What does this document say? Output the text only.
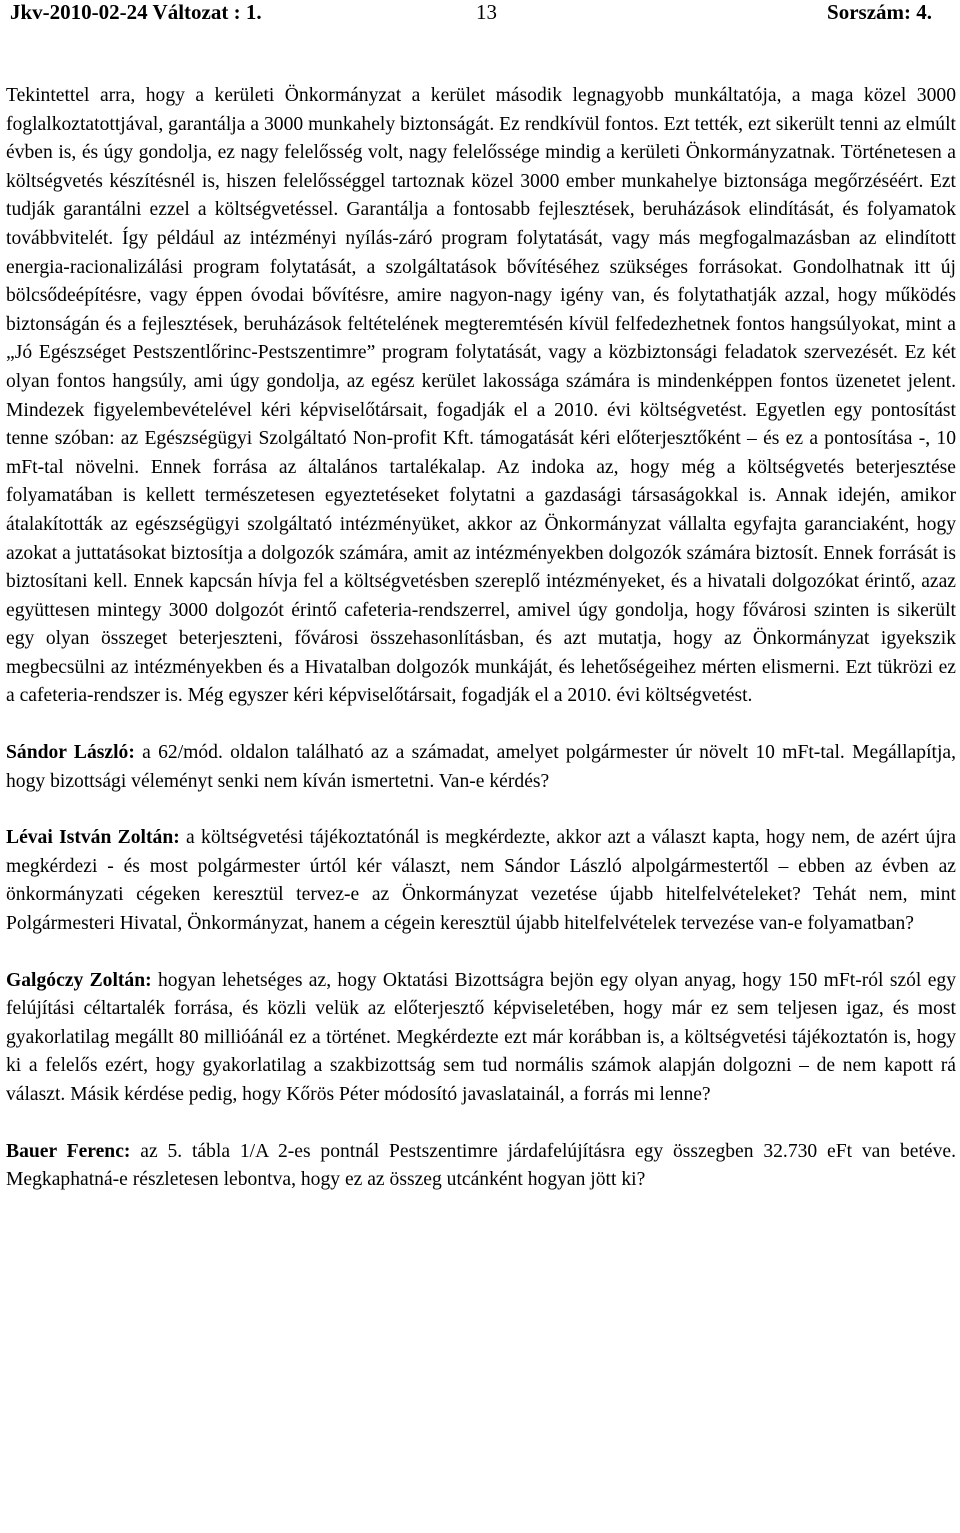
Jkv-2010-02-24 Változat : 1.	13	Sorszám: 4.

Tekintettel arra, hogy a kerületi Önkormányzat a kerület második legnagyobb munkáltatója, a maga közel 3000 foglalkoztatottjával, garantálja a 3000 munkahely biztonságát. Ez rendkívül fontos. Ezt tették, ezt sikerült tenni az elmúlt évben is, és úgy gondolja, ez nagy felelősség volt, nagy felelőssége mindig a kerületi Önkormányzatnak. Történetesen a költségvetés készítésnél is, hiszen felelősséggel tartoznak közel 3000 ember munkahelye biztonsága megőrzéséért. Ezt tudják garantálni ezzel a költségvetéssel. Garantálja a fontosabb fejlesztések, beruházások elindítását, és folyamatok továbbvitelét. Így például az intézményi nyílás-záró program folytatását, vagy más megfogalmazásban az elindított energia-racionalizálási program folytatását, a szolgáltatások bővítéséhez szükséges forrásokat. Gondolhatnak itt új bölcsődeépítésre, vagy éppen óvodai bővítésre, amire nagyon-nagy igény van, és folytathatják azzal, hogy működés biztonságán és a fejlesztések, beruházások feltételének megteremtésén kívül felfedezhetnek fontos hangsúlyokat, mint a „Jó Egészséget Pestszentlőrinc-Pestszentimre” program folytatását, vagy a közbiztonsági feladatok szervezését. Ez két olyan fontos hangsúly, ami úgy gondolja, az egész kerület lakossága számára is mindenképpen fontos üzenetet jelent. Mindezek figyelembevételével kéri képviselőtársait, fogadják el a 2010. évi költségvetést. Egyetlen egy pontosítást tenne szóban: az Egészségügyi Szolgáltató Non-profit Kft. támogatását kéri előterjesztőként – és ez a pontosítása -, 10 mFt-tal növelni. Ennek forrása az általános tartalékalap. Az indoka az, hogy még a költségvetés beterjesztése folyamatában is kellett természetesen egyeztetéseket folytatni a gazdasági társaságokkal is. Annak idején, amikor átalakították az egészségügyi szolgáltató intézményüket, akkor az Önkormányzat vállalta egyfajta garanciaként, hogy azokat a juttatásokat biztosítja a dolgozók számára, amit az intézményekben dolgozók számára biztosít. Ennek forrását is biztosítani kell. Ennek kapcsán hívja fel a költségvetésben szereplő intézményeket, és a hivatali dolgozókat érintő, azaz együttesen mintegy 3000 dolgozót érintő cafeteria-rendszerrel, amivel úgy gondolja, hogy fővárosi szinten is sikerült egy olyan összeget beterjeszteni, fővárosi összehasonlításban, és azt mutatja, hogy az Önkormányzat igyekszik megbecsülni az intézményekben és a Hivatalban dolgozók munkáját, és lehetőségeihez mérten elismerni. Ezt tükrözi ez a cafeteria-rendszer is. Még egyszer kéri képviselőtársait, fogadják el a 2010. évi költségvetést.

Sándor László: a 62/mód. oldalon található az a számadat, amelyet polgármester úr növelt 10 mFt-tal. Megállapítja, hogy bizottsági véleményt senki nem kíván ismertetni. Van-e kérdés?

Lévai István Zoltán: a költségvetési tájékoztatónál is megkérdezte, akkor azt a választ kapta, hogy nem, de azért újra megkérdezi - és most polgármester úrtól kér választ, nem Sándor László alpolgármestertől – ebben az évben az önkormányzati cégeken keresztül tervez-e az Önkormányzat vezetése újabb hitelfelvételeket? Tehát nem, mint Polgármesteri Hivatal, Önkormányzat, hanem a cégein keresztül újabb hitelfelvételek tervezése van-e folyamatban?

Galgóczy Zoltán: hogyan lehetséges az, hogy Oktatási Bizottságra bejön egy olyan anyag, hogy 150 mFt-ról szól egy felújítási céltartalék forrása, és közli velük az előterjesztő képviseletében, hogy már ez sem teljesen igaz, és most gyakorlatilag megállt 80 millióánál ez a történet. Megkérdezte ezt már korábban is, a költségvetési tájékoztatón is, hogy ki a felelős ezért, hogy gyakorlatilag a szakbizottság sem tud normális számok alapján dolgozni – de nem kapott rá választ. Másik kérdése pedig, hogy Kőrös Péter módosító javaslatainál, a forrás mi lenne?

Bauer Ferenc: az 5. tábla 1/A 2-es pontnál Pestszentimre járdafelújításra egy összegben 32.730 eFt van betéve. Megkaphatná-e részletesen lebontva, hogy ez az összeg utcánként hogyan jött ki?
